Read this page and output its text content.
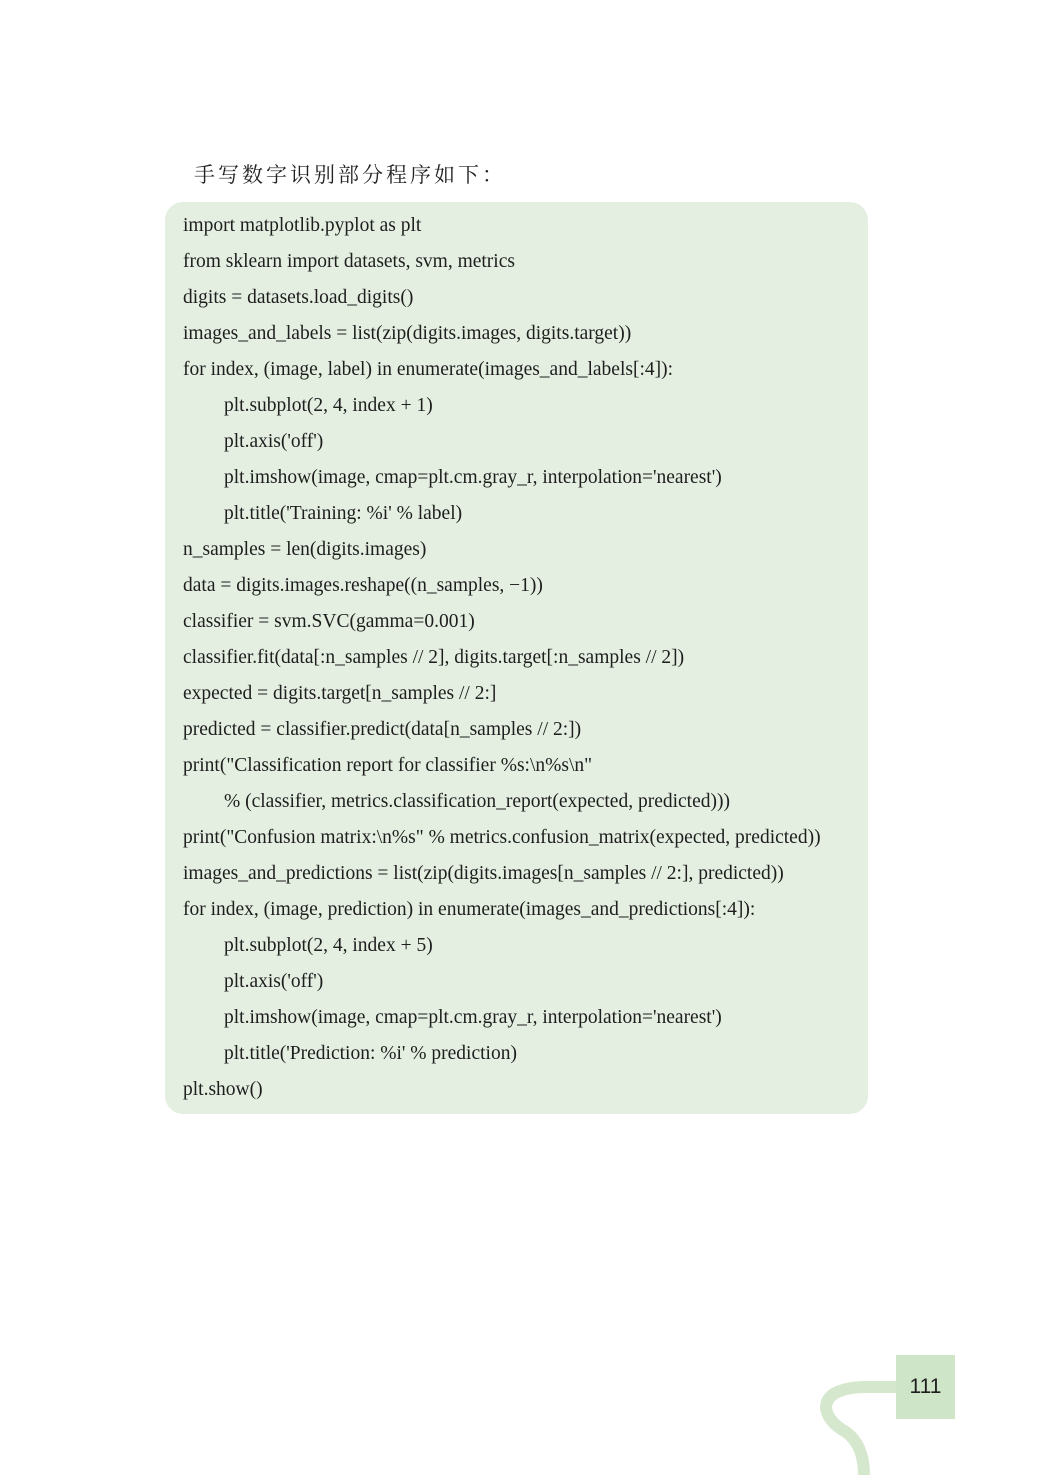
手写数字识别部分程序如下：
import matplotlib.pyplot as plt
from sklearn import datasets, svm, metrics
digits = datasets.load_digits()
images_and_labels = list(zip(digits.images, digits.target))
for index, (image, label) in enumerate(images_and_labels[:4]):
plt.subplot(2, 4, index + 1)
plt.axis('off')
plt.imshow(image, cmap=plt.cm.gray_r, interpolation='nearest')
plt.title('Training: %i' % label)
n_samples = len(digits.images)
data = digits.images.reshape((n_samples, −1))
classifier = svm.SVC(gamma=0.001)
classifier.fit(data[:n_samples // 2], digits.target[:n_samples // 2])
expected = digits.target[n_samples // 2:]
predicted = classifier.predict(data[n_samples // 2:])
print("Classification report for classifier %s:\n%s\n"
% (classifier, metrics.classification_report(expected, predicted)))
print("Confusion matrix:\n%s" % metrics.confusion_matrix(expected, predicted))
images_and_predictions = list(zip(digits.images[n_samples // 2:], predicted))
for index, (image, prediction) in enumerate(images_and_predictions[:4]):
plt.subplot(2, 4, index + 5)
plt.axis('off')
plt.imshow(image, cmap=plt.cm.gray_r, interpolation='nearest')
plt.title('Prediction: %i' % prediction)
plt.show()
111
